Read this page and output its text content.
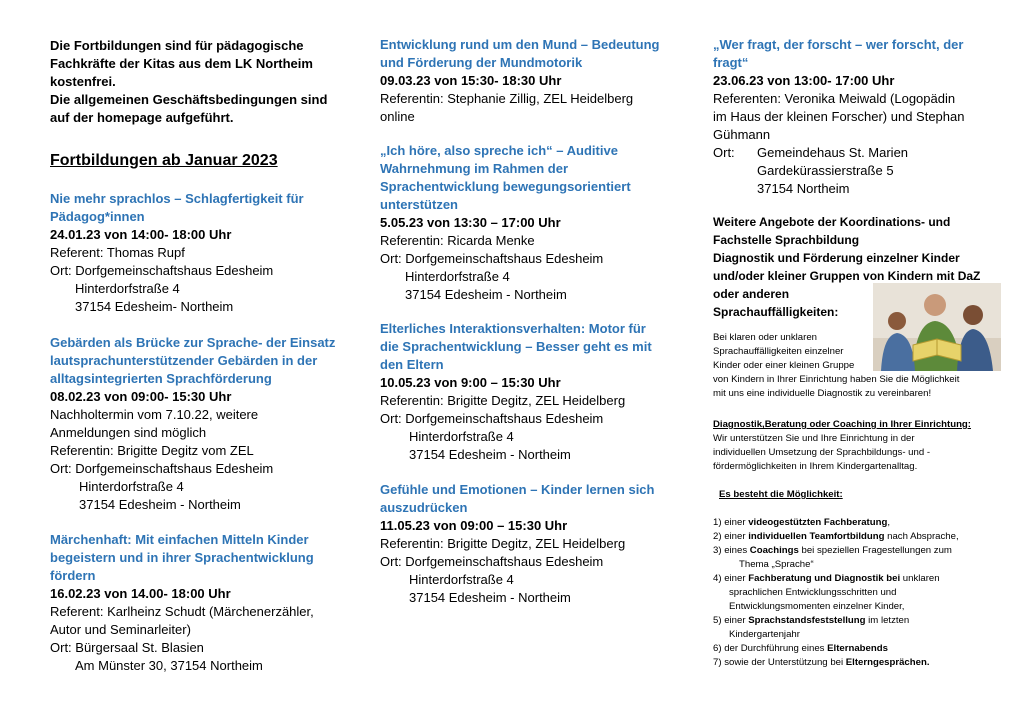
Die Fortbildungen sind für pädagogische
Fachkräfte der Kitas aus dem LK Northeim
kostenfrei.
Die allgemeinen Geschäftsbedingungen sind
auf der homepage aufgeführt.
Fortbildungen ab Januar 2023
Nie mehr sprachlos – Schlagfertigkeit für
Pädagog*innen
24.01.23 von 14:00- 18:00 Uhr
Referent: Thomas Rupf
Ort: Dorfgemeinschaftshaus Edesheim
Hinterdorfstraße 4
37154 Edesheim- Northeim
Gebärden als Brücke zur Sprache- der Einsatz
lautsprachunterstützender Gebärden in der
alltagsintegrierten Sprachförderung
08.02.23 von 09:00- 15:30 Uhr
Nachholtermin vom 7.10.22, weitere
Anmeldungen sind möglich
Referentin: Brigitte Degitz vom ZEL
Ort: Dorfgemeinschaftshaus Edesheim
Hinterdorfstraße 4
37154 Edesheim - Northeim
Märchenhaft: Mit einfachen Mitteln Kinder
begeistern und in ihrer Sprachentwicklung
fördern
16.02.23 von 14.00- 18:00 Uhr
Referent: Karlheinz Schudt (Märchenerzähler,
Autor und Seminarleiter)
Ort: Bürgersaal St. Blasien
Am Münster 30, 37154 Northeim
Entwicklung rund um den Mund – Bedeutung
und Förderung der Mundmotorik
09.03.23 von 15:30- 18:30 Uhr
Referentin: Stephanie Zillig, ZEL Heidelberg
online
„Ich höre, also spreche ich“ – Auditive
Wahrnehmung im Rahmen der
Sprachentwicklung bewegungsorientiert
unterstützen
5.05.23 von 13:30 – 17:00 Uhr
Referentin: Ricarda Menke
Ort: Dorfgemeinschaftshaus Edesheim
Hinterdorfstraße 4
37154 Edesheim - Northeim
Elterliches Interaktionsverhalten: Motor für
die Sprachentwicklung – Besser geht es mit
den Eltern
10.05.23 von 9:00 – 15:30 Uhr
Referentin: Brigitte Degitz, ZEL Heidelberg
Ort: Dorfgemeinschaftshaus Edesheim
Hinterdorfstraße 4
37154 Edesheim - Northeim
Gefühle und Emotionen – Kinder lernen sich
auszudrücken
11.05.23 von 09:00 – 15:30 Uhr
Referentin: Brigitte Degitz, ZEL Heidelberg
Ort: Dorfgemeinschaftshaus Edesheim
Hinterdorfstraße 4
37154 Edesheim - Northeim
„Wer fragt, der forscht – wer forscht, der
fragt“
23.06.23 von 13:00- 17:00 Uhr
Referenten: Veronika Meiwald (Logopädin
im Haus der kleinen Forscher) und Stephan
Gühmann
Ort:	Gemeindehaus St. Marien
Gardekürassierstraße 5
37154 Northeim
Weitere Angebote der Koordinations- und
Fachstelle Sprachbildung
Diagnostik und Förderung einzelner Kinder
und/oder kleiner Gruppen von Kindern mit DaZ
oder anderen
Sprachauffälligkeiten:
Bei klaren oder unklaren
Sprachauffälligkeiten einzelner
Kinder oder einer kleinen Gruppe
von Kindern in Ihrer Einrichtung haben Sie die Möglichkeit
mit uns eine individuelle Diagnostik zu vereinbaren!
Diagnostik,Beratung oder Coaching in Ihrer Einrichtung:
Wir unterstützen Sie und Ihre Einrichtung in der
individuellen Umsetzung der Sprachbildungs- und -
fördermöglichkeiten in Ihrem Kindergartenalltag.
Es besteht die Möglichkeit:
1) einer videogestützten Fachberatung,
2) einer individuellen Teamfortbildung nach Absprache,
3) eines Coachings bei speziellen Fragestellungen zum
Thema „Sprache“
4) einer Fachberatung und Diagnostik bei unklaren
sprachlichen Entwicklungsschritten und
Entwicklungsmomenten einzelner Kinder,
5) einer Sprachstandsfeststellung im letzten
Kindergartenjahr
6) der Durchführung eines Elternabends
7) sowie der Unterstützung bei Elterngesprächen.
